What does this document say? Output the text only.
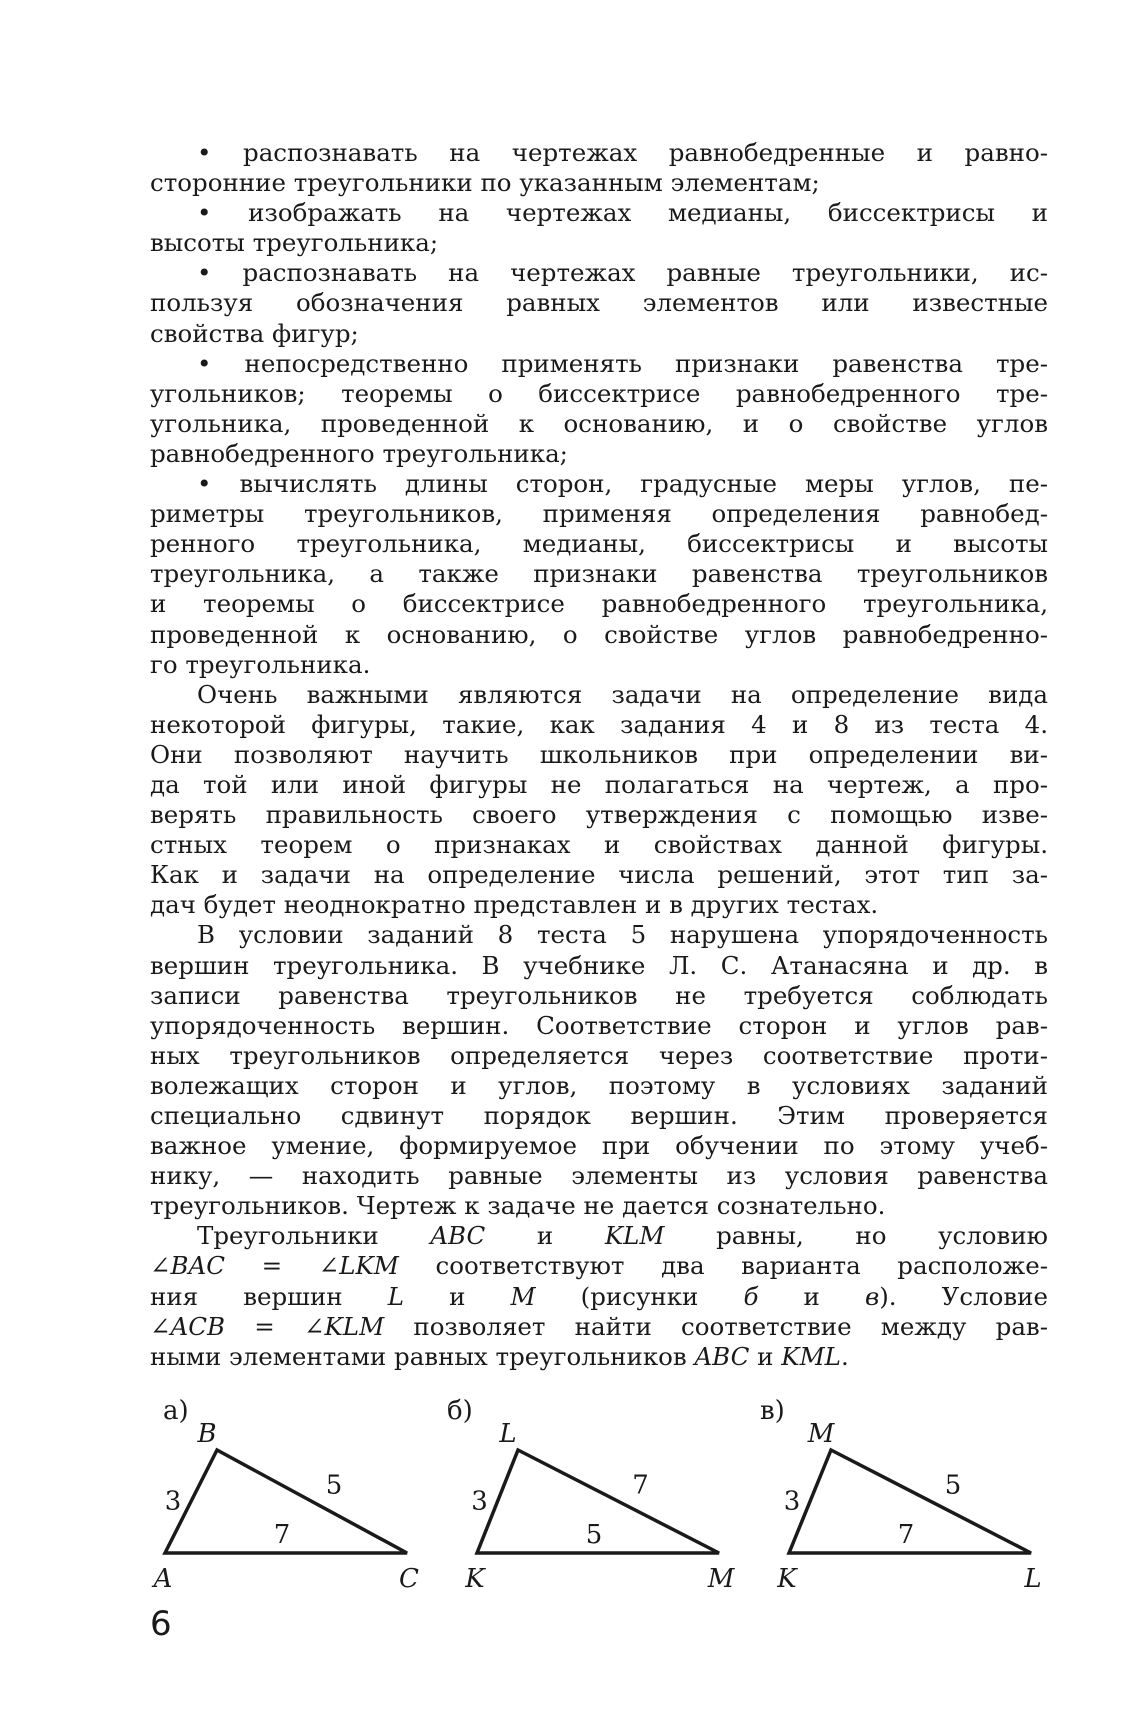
• распознавать на чертежах равнобедренные и равно-
сторонние треугольники по указанным элементам;
• изображать на чертежах медианы, биссектрисы и
высоты треугольника;
• распознавать на чертежах равные треугольники, ис-
пользуя обозначения равных элементов или известные
свойства фигур;
• непосредственно применять признаки равенства тре-
угольников; теоремы о биссектрисе равнобедренного тре-
угольника, проведенной к основанию, и о свойстве углов
равнобедренного треугольника;
• вычислять длины сторон, градусные меры углов, пе-
риметры треугольников, применяя определения равнобед-
ренного треугольника, медианы, биссектрисы и высоты
треугольника, а также признаки равенства треугольников
и теоремы о биссектрисе равнобедренного треугольника,
проведенной к основанию, о свойстве углов равнобедренно-
го треугольника.
Очень важными являются задачи на определение вида
некоторой фигуры, такие, как задания 4 и 8 из теста 4.
Они позволяют научить школьников при определении ви-
да той или иной фигуры не полагаться на чертеж, а про-
верять правильность своего утверждения с помощью изве-
стных теорем о признаках и свойствах данной фигуры.
Как и задачи на определение числа решений, этот тип за-
дач будет неоднократно представлен и в других тестах.
В условии заданий 8 теста 5 нарушена упорядоченность
вершин треугольника. В учебнике Л. С. Атанасяна и др. в
записи равенства треугольников не требуется соблюдать
упорядоченность вершин. Соответствие сторон и углов рав-
ных треугольников определяется через соответствие проти-
волежащих сторон и углов, поэтому в условиях заданий
специально сдвинут порядок вершин. Этим проверяется
важное умение, формируемое при обучении по этому учеб-
нику, — находить равные элементы из условия равенства
треугольников. Чертеж к задаче не дается сознательно.
Треугольники ABC и KLM равны, но условию
∠BAC = ∠LKM соответствуют два варианта расположе-
ния вершин L и M (рисунки б и в). Условие
∠ACB = ∠KLM позволяет найти соответствие между рав-
ными элементами равных треугольников ABC и KML.
а)
A
B
C
3
5
7
б)
K
L
M
3
7
5
в)
K
M
L
3
5
7
6
